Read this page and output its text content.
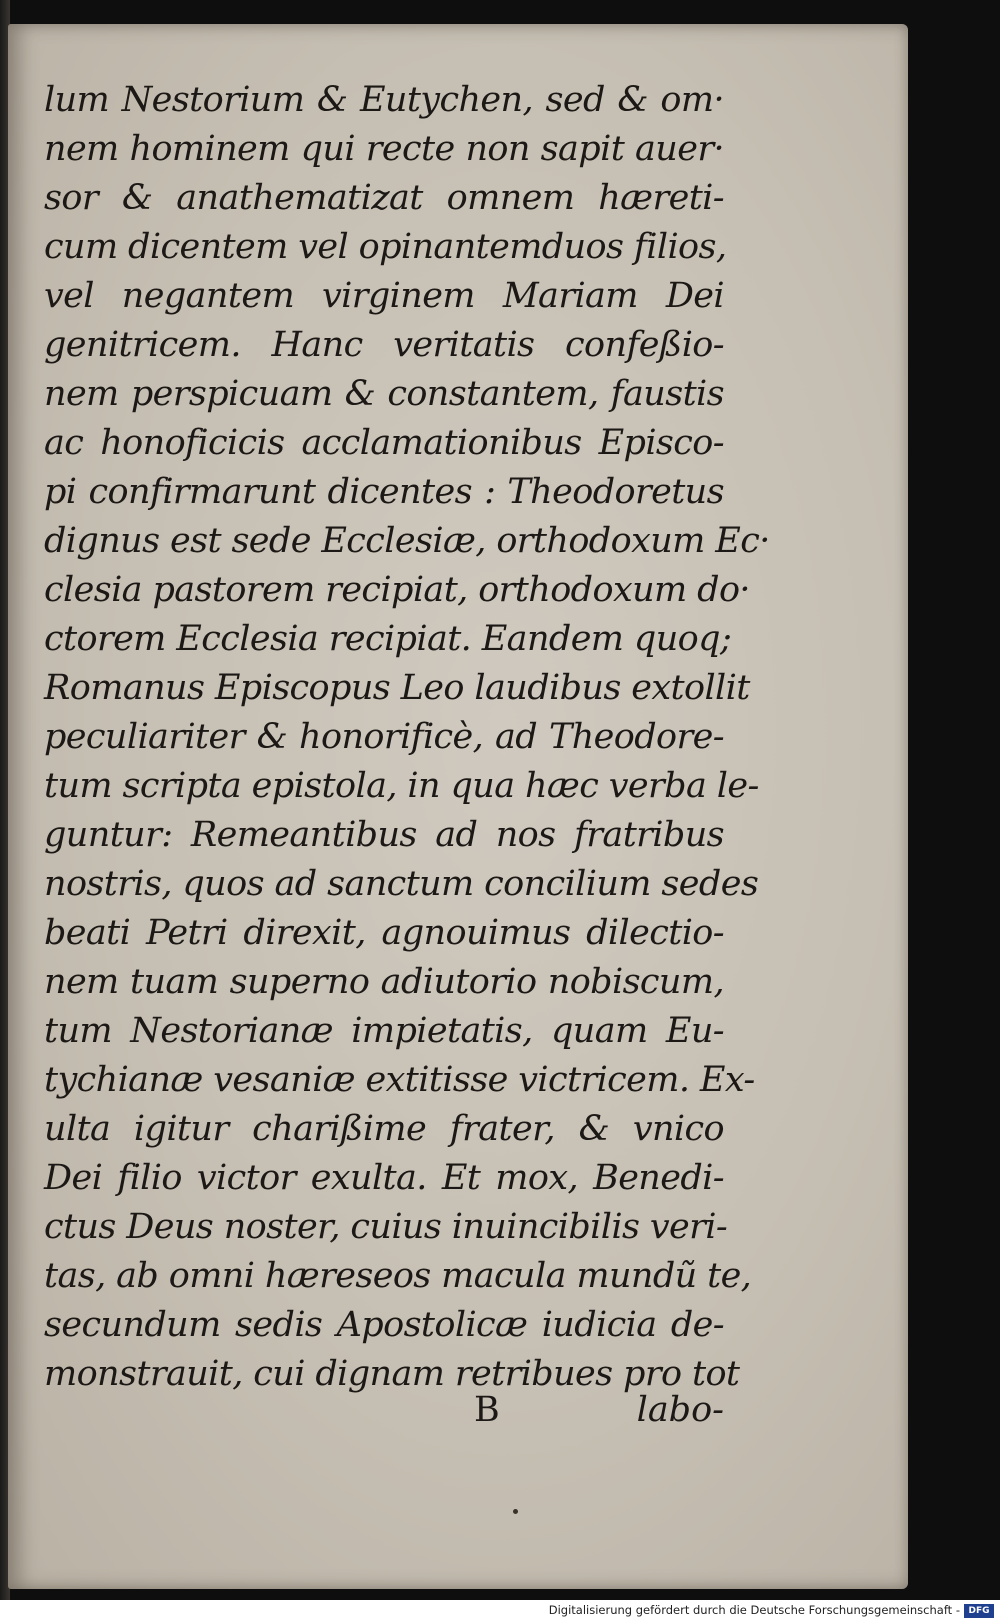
lum Nestorium & Eutychen, sed & om·
nem hominem qui recte non sapit auer·
sor & anathematizat omnem hæreti-
cum dicentem vel opinantemduos filios,
vel negantem virginem Mariam Dei
genitricem. Hanc veritatis confeßio-
nem perspicuam & constantem, faustis
ac honoficicis acclamationibus Episco-
pi confirmarunt dicentes : Theodoretus
dignus est sede Ecclesiæ, orthodoxum Ec·
clesia pastorem recipiat, orthodoxum do·
ctorem Ecclesia recipiat. Eandem quoq;
Romanus Episcopus Leo laudibus extollit
peculiariter & honorificè, ad Theodore-
tum scripta epistola, in qua hæc verba le-
guntur: Remeantibus ad nos fratribus
nostris, quos ad sanctum concilium sedes
beati Petri direxit, agnouimus dilectio-
nem tuam superno adiutorio nobiscum,
tum Nestorianæ impietatis, quam Eu-
tychianæ vesaniæ extitisse victricem. Ex-
ulta igitur charißime frater, & vnico
Dei filio victor exulta. Et mox, Benedi-
ctus Deus noster, cuius inuincibilis veri-
tas, ab omni hæreseos macula mundũ te,
secundum sedis Apostolicæ iudicia de-
monstrauit, cui dignam retribues pro tot
B	labo-
Digitalisierung gefördert durch die Deutsche Forschungsgemeinschaft - DFG
